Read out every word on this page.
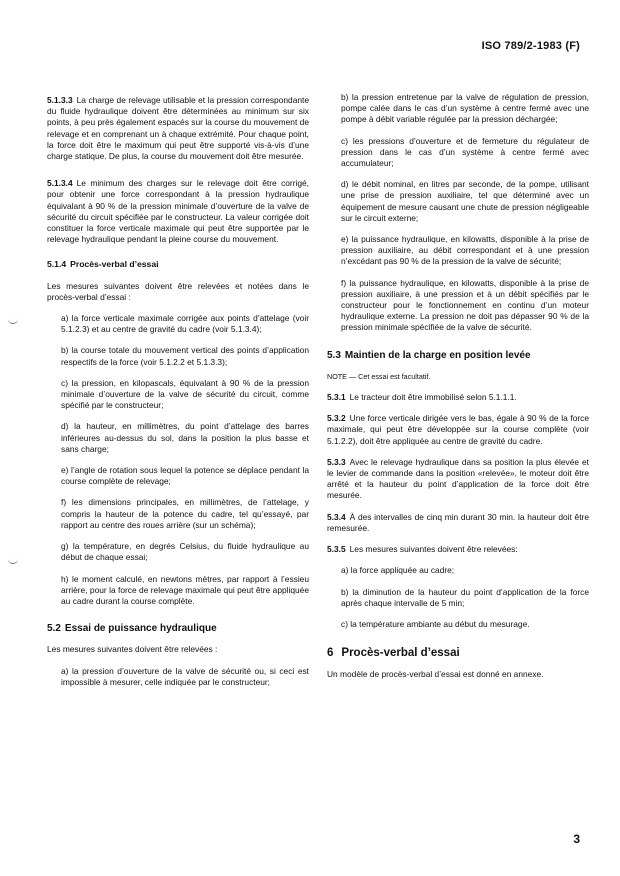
ISO 789/2-1983 (F)

5.1.3.3 La charge de relevage utilisable et la pression correspondante du fluide hydraulique doivent être déterminées au minimum sur six points, à peu près également espacés sur la course du mouvement de relevage et en comprenant un à chaque extrémité. Pour chaque point, la force doit être le maximum qui peut être supporté vis-à-vis d’une charge statique. De plus, la course du mouvement doit être mesurée.

5.1.3.4 Le minimum des charges sur le relevage doit être corrigé, pour obtenir une force correspondant à la pression hydraulique équivalant à 90 % de la pression minimale d’ouverture de la valve de sécurité du circuit spécifiée par le constructeur. La valeur corrigée doit constituer la force verticale maximale qui peut être supportée par le relevage hydraulique pendant la pleine course du mouvement.

5.1.4 Procès-verbal d’essai

Les mesures suivantes doivent être relevées et notées dans le procès-verbal d’essai :

a) la force verticale maximale corrigée aux points d’attelage (voir 5.1.2.3) et au centre de gravité du cadre (voir 5.1.3.4);

b) la course totale du mouvement vertical des points d’application respectifs de la force (voir 5.1.2.2 et 5.1.3.3);

c) la pression, en kilopascals, équivalant à 90 % de la pression minimale d’ouverture de la valve de sécurité du circuit, comme spécifié par le constructeur;

d) la hauteur, en millimètres, du point d’attelage des barres inférieures au-dessus du sol, dans la position la plus basse et sans charge;

e) l’angle de rotation sous lequel la potence se déplace pendant la course complète de relevage;

f) les dimensions principales, en millimètres, de l’attelage, y compris la hauteur de la potence du cadre, tel qu’essayé, par rapport au centre des roues arrière (sur un schéma);

g) la température, en degrés Celsius, du fluide hydraulique au début de chaque essai;

h) le moment calculé, en newtons mètres, par rapport à l’essieu arrière, pour la force de relevage maximale qui peut être appliquée au cadre durant la course complète.

5.2 Essai de puissance hydraulique

Les mesures suivantes doivent être relevées :

a) la pression d’ouverture de la valve de sécurité ou, si ceci est impossible à mesurer, celle indiquée par le constructeur;

b) la pression entretenue par la valve de régulation de pression, pompe calée dans le cas d’un système à centre fermé avec une pompe à débit variable régulée par la pression déchargée;

c) les pressions d’ouverture et de fermeture du régulateur de pression dans le cas d’un système à centre fermé avec accumulateur;

d) le débit nominal, en litres par seconde, de la pompe, utilisant une prise de pression auxiliaire, tel que déterminé avec un équipement de mesure causant une chute de pression négligeable sur le circuit externe;

e) la puissance hydraulique, en kilowatts, disponible à la prise de pression auxiliaire, au débit correspondant et à une pression n’excédant pas 90 % de la pression de la valve de sécurité;

f) la puissance hydraulique, en kilowatts, disponible à la prise de pression auxiliaire, à une pression et à un débit spécifiés par le constructeur pour le fonctionnement en continu d’un moteur hydraulique externe. La pression ne doit pas dépasser 90 % de la pression minimale spécifiée de la valve de sécurité.

5.3 Maintien de la charge en position levée

NOTE — Cet essai est facultatif.

5.3.1 Le tracteur doit être immobilisé selon 5.1.1.1.

5.3.2 Une force verticale dirigée vers le bas, égale à 90 % de la force maximale, qui peut être développée sur la course complète (voir 5.1.2.2), doit être appliquée au centre de gravité du cadre.

5.3.3 Avec le relevage hydraulique dans sa position la plus élevée et le levier de commande dans la position «relevée», le moteur doit être arrêté et la hauteur du point d’application de la force doit être mesurée.

5.3.4 À des intervalles de cinq min durant 30 min. la hauteur doit être remesurée.

5.3.5 Les mesures suivantes doivent être relevées:

a) la force appliquée au cadre;

b) la diminution de la hauteur du point d’application de la force après chaque intervalle de 5 min;

c) la température ambiante au début du mesurage.

6 Procès-verbal d’essai

Un modèle de procès-verbal d’essai est donné en annexe.

3
